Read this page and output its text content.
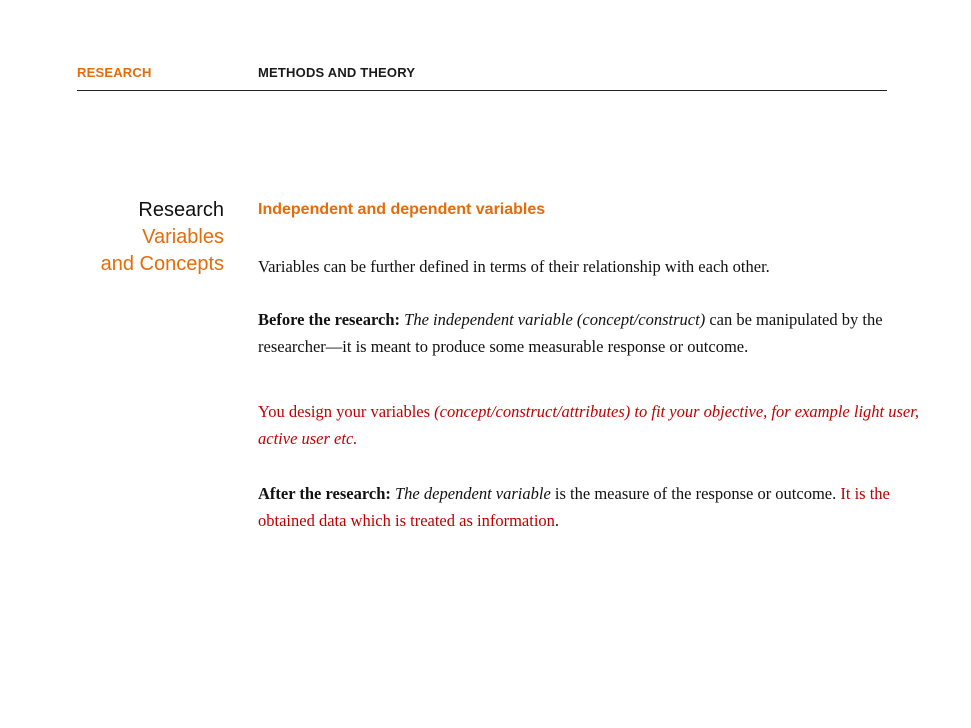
RESEARCH	METHODS AND THEORY
Research
Variables
and Concepts
Independent and dependent variables

Variables can be further defined in terms of their relationship with each other.

Before the research: The independent variable (concept/construct) can be manipulated by the researcher—it is meant to produce some measurable response or outcome.

You design your variables (concept/construct/attributes) to fit your objective, for example light user, active user etc.

After the research: The dependent variable is the measure of the response or outcome. It is the obtained data which is treated as information.
